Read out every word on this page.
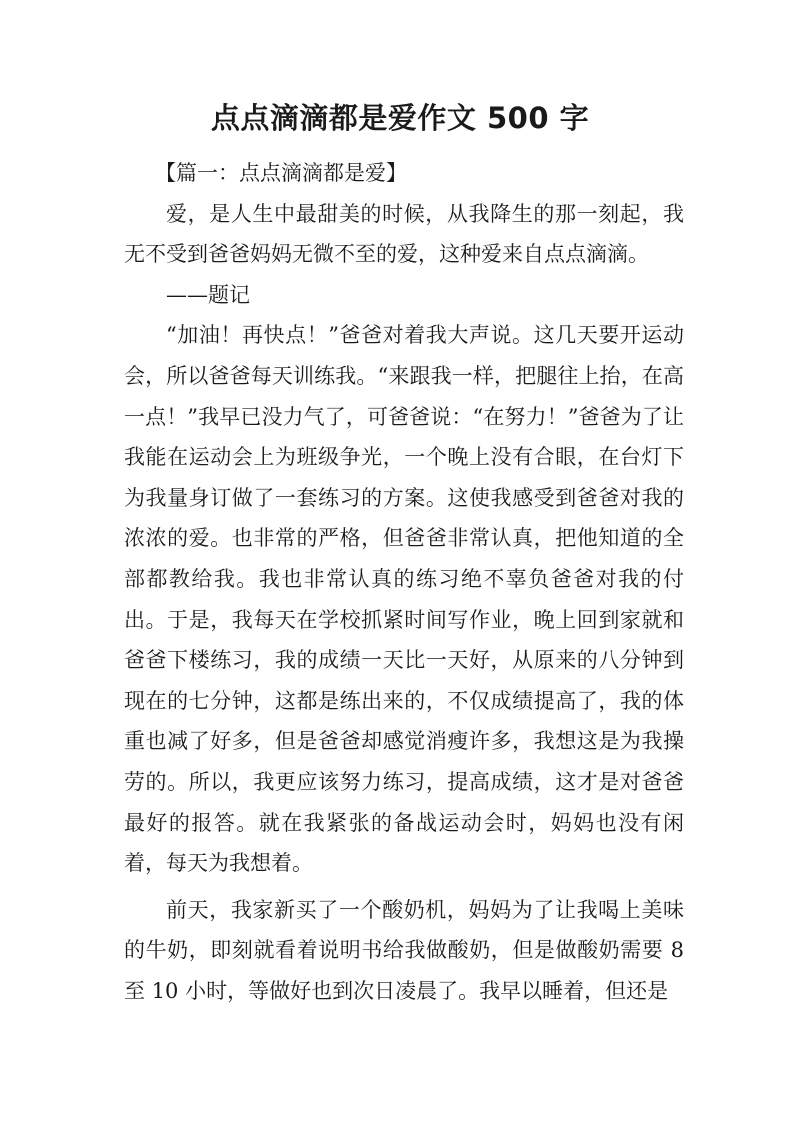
点点滴滴都是爱作文 500 字

【篇一：点点滴滴都是爱】

爱，是人生中最甜美的时候，从我降生的那一刻起，我无不受到爸爸妈妈无微不至的爱，这种爱来自点点滴滴。

——题记

“加油！再快点！”爸爸对着我大声说。这几天要开运动会，所以爸爸每天训练我。“来跟我一样，把腿往上抬，在高一点！”我早已没力气了，可爸爸说：“在努力！”爸爸为了让我能在运动会上为班级争光，一个晚上没有合眼，在台灯下为我量身订做了一套练习的方案。这使我感受到爸爸对我的浓浓的爱。也非常的严格，但爸爸非常认真，把他知道的全部都教给我。我也非常认真的练习绝不辜负爸爸对我的付出。于是，我每天在学校抓紧时间写作业，晚上回到家就和爸爸下楼练习，我的成绩一天比一天好，从原来的八分钟到现在的七分钟，这都是练出来的，不仅成绩提高了，我的体重也减了好多，但是爸爸却感觉消瘦许多，我想这是为我操劳的。所以，我更应该努力练习，提高成绩，这才是对爸爸最好的报答。就在我紧张的备战运动会时，妈妈也没有闲着，每天为我想着。

前天，我家新买了一个酸奶机，妈妈为了让我喝上美味的牛奶，即刻就看着说明书给我做酸奶，但是做酸奶需要 8 至 10 小时，等做好也到次日凌晨了。我早以睡着，但还是
